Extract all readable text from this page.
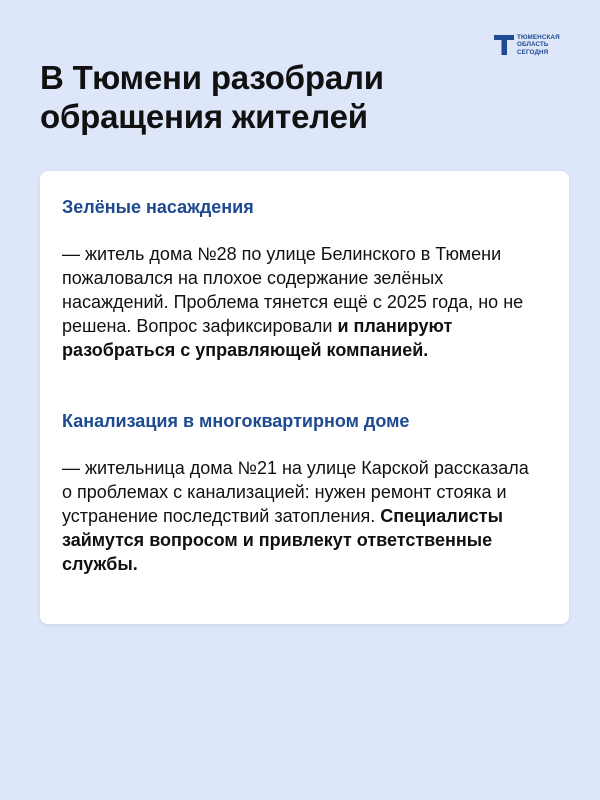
ТЮМЕНСКАЯ
ОБЛАСТЬ
СЕГОДНЯ
В Тюмени разобрали
обращения жителей
Зелёные насаждения

— житель дома №28 по улице Белинского в Тюмени пожаловался на плохое содержание зелёных насаждений. Проблема тянется ещё с 2025 года, но не решена. Вопрос зафиксировали и планируют разобраться с управляющей компанией.

Канализация в многоквартирном доме

— жительница дома №21 на улице Карской рассказала о проблемах с канализацией: нужен ремонт стояка и устранение последствий затопления. Специалисты займутся вопросом и привлекут ответственные службы.
